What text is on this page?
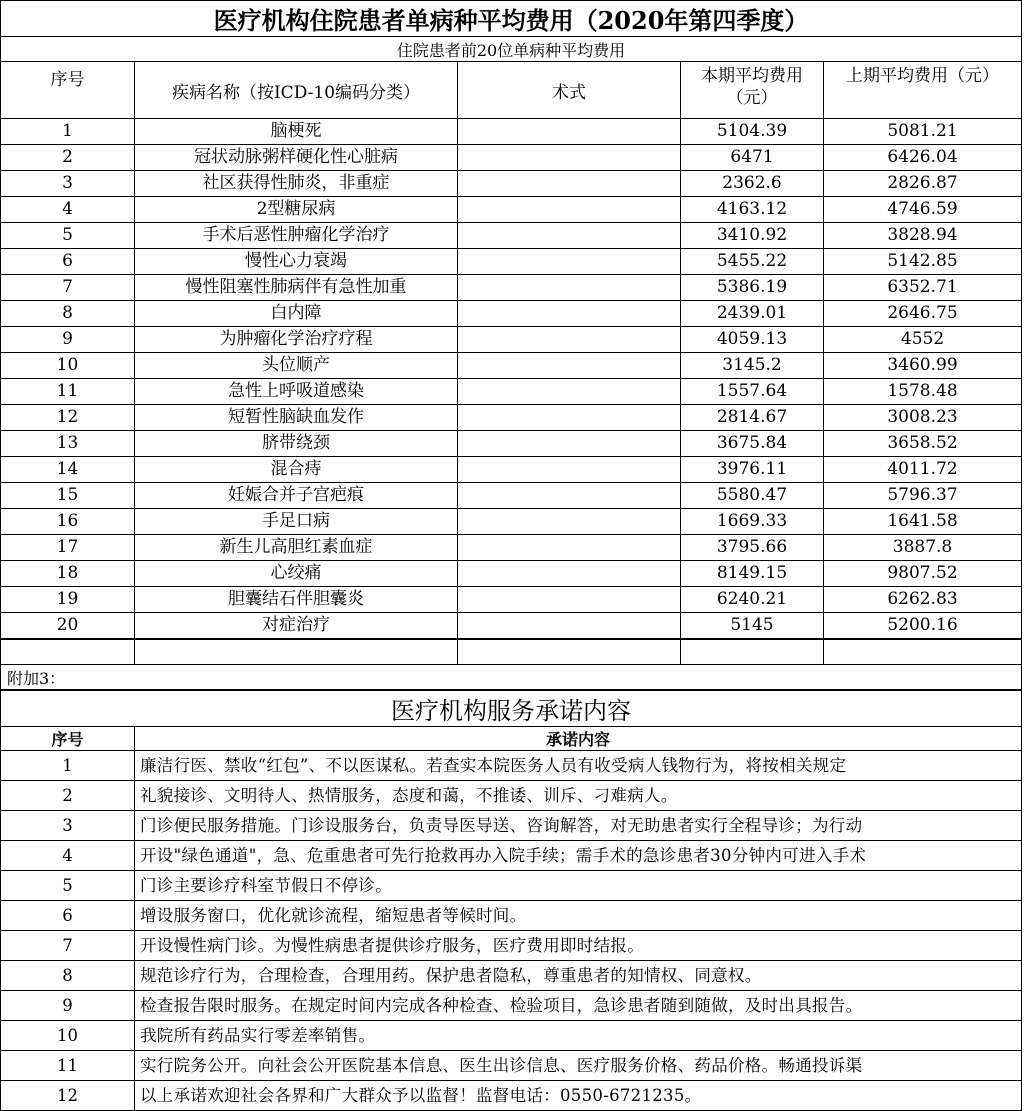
医疗机构住院患者单病种平均费用（2020年第四季度）				
住院患者前20位单病种平均费用				
序号	疾病名称（按ICD-10编码分类）	术式	本期平均费用（元）	上期平均费用（元）

1	脑梗死		5104.39	5081.21
2	冠状动脉粥样硬化性心脏病		6471	6426.04
3	社区获得性肺炎，非重症		2362.6	2826.87
4	2型糖尿病		4163.12	4746.59
5	手术后恶性肿瘤化学治疗		3410.92	3828.94
6	慢性心力衰竭		5455.22	5142.85
7	慢性阻塞性肺病伴有急性加重		5386.19	6352.71
8	白内障		2439.01	2646.75
9	为肿瘤化学治疗疗程		4059.13	4552
10	头位顺产		3145.2	3460.99
11	急性上呼吸道感染		1557.64	1578.48
12	短暂性脑缺血发作		2814.67	3008.23
13	脐带绕颈		3675.84	3658.52
14	混合痔		3976.11	4011.72
15	妊娠合并子宫疤痕		5580.47	5796.37
16	手足口病		1669.33	1641.58
17	新生儿高胆红素血症		3795.66	3887.8
18	心绞痛		8149.15	9807.52
19	胆囊结石伴胆囊炎		6240.21	6262.83
20	对症治疗		5145	5200.16

附加3：				
医疗机构服务承诺内容	
序号	承诺内容
1	廉洁行医、禁收“红包”、不以医谋私。若查实本院医务人员有收受病人钱物行为，将按相关规定
2	礼貌接诊、文明待人、热情服务，态度和蔼，不推诿、训斥、刁难病人。
3	门诊便民服务措施。门诊设服务台，负责导医导送、咨询解答，对无助患者实行全程导诊；为行动
4	开设"绿色通道"，急、危重患者可先行抢救再办入院手续；需手术的急诊患者30分钟内可进入手术
5	门诊主要诊疗科室节假日不停诊。
6	增设服务窗口，优化就诊流程，缩短患者等候时间。
7	开设慢性病门诊。为慢性病患者提供诊疗服务，医疗费用即时结报。
8	规范诊疗行为，合理检查，合理用药。保护患者隐私，尊重患者的知情权、同意权。
9	检查报告限时服务。在规定时间内完成各种检查、检验项目，急诊患者随到随做，及时出具报告。
10	我院所有药品实行零差率销售。
11	实行院务公开。向社会公开医院基本信息、医生出诊信息、医疗服务价格、药品价格。畅通投诉渠
12	以上承诺欢迎社会各界和广大群众予以监督！监督电话：0550-6721235。
